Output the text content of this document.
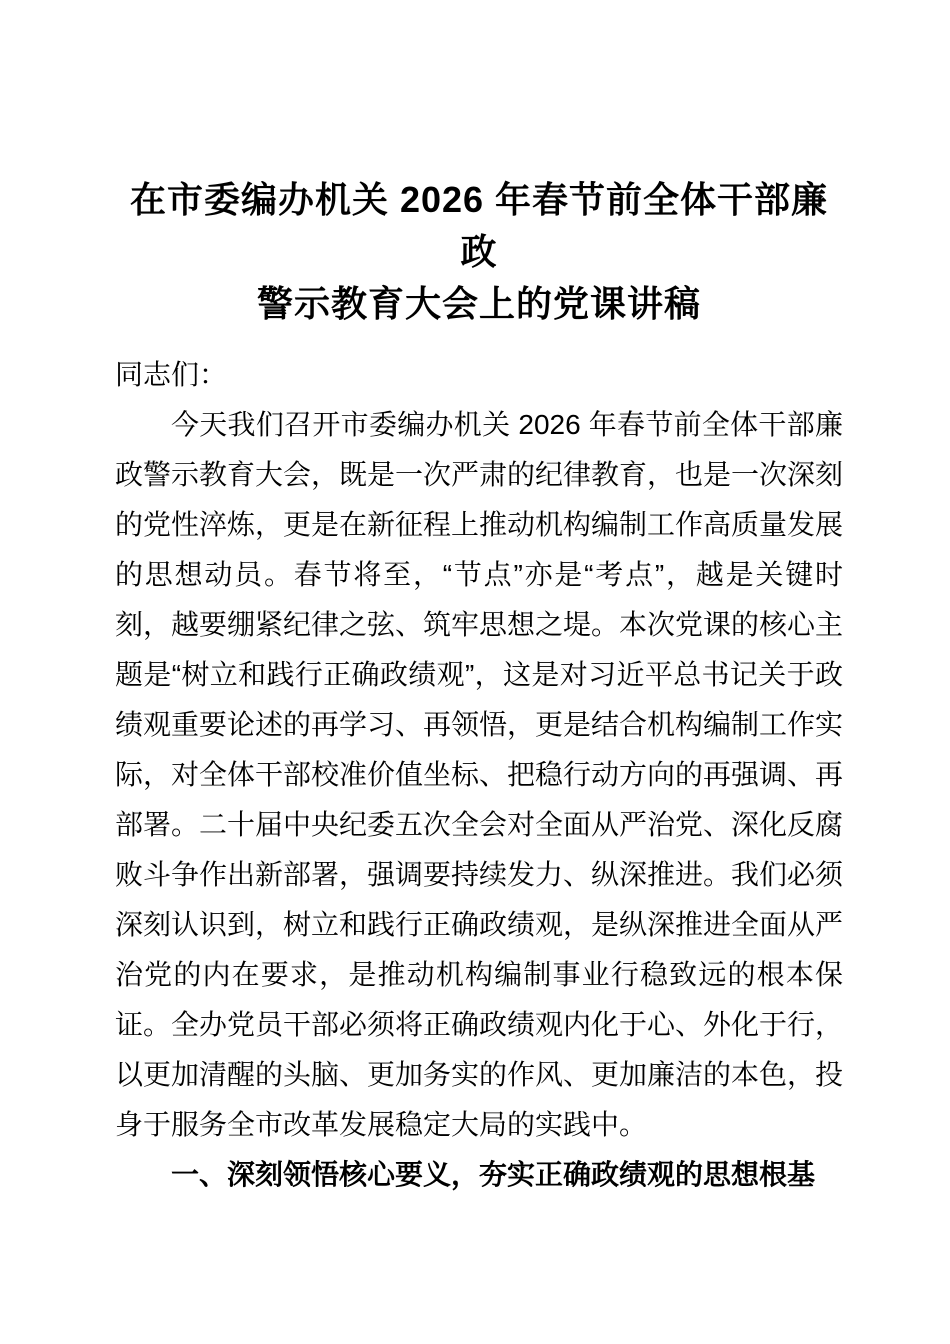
在市委编办机关 2026 年春节前全体干部廉政
警示教育大会上的党课讲稿

同志们：

今天我们召开市委编办机关 2026 年春节前全体干部廉政警示教育大会，既是一次严肃的纪律教育，也是一次深刻的党性淬炼，更是在新征程上推动机构编制工作高质量发展的思想动员。春节将至，“节点”亦是“考点”，越是关键时刻，越要绷紧纪律之弦、筑牢思想之堤。本次党课的核心主题是“树立和践行正确政绩观”，这是对习近平总书记关于政绩观重要论述的再学习、再领悟，更是结合机构编制工作实际，对全体干部校准价值坐标、把稳行动方向的再强调、再部署。二十届中央纪委五次全会对全面从严治党、深化反腐败斗争作出新部署，强调要持续发力、纵深推进。我们必须深刻认识到，树立和践行正确政绩观，是纵深推进全面从严治党的内在要求，是推动机构编制事业行稳致远的根本保证。全办党员干部必须将正确政绩观内化于心、外化于行，以更加清醒的头脑、更加务实的作风、更加廉洁的本色，投身于服务全市改革发展稳定大局的实践中。

一、深刻领悟核心要义，夯实正确政绩观的思想根基
